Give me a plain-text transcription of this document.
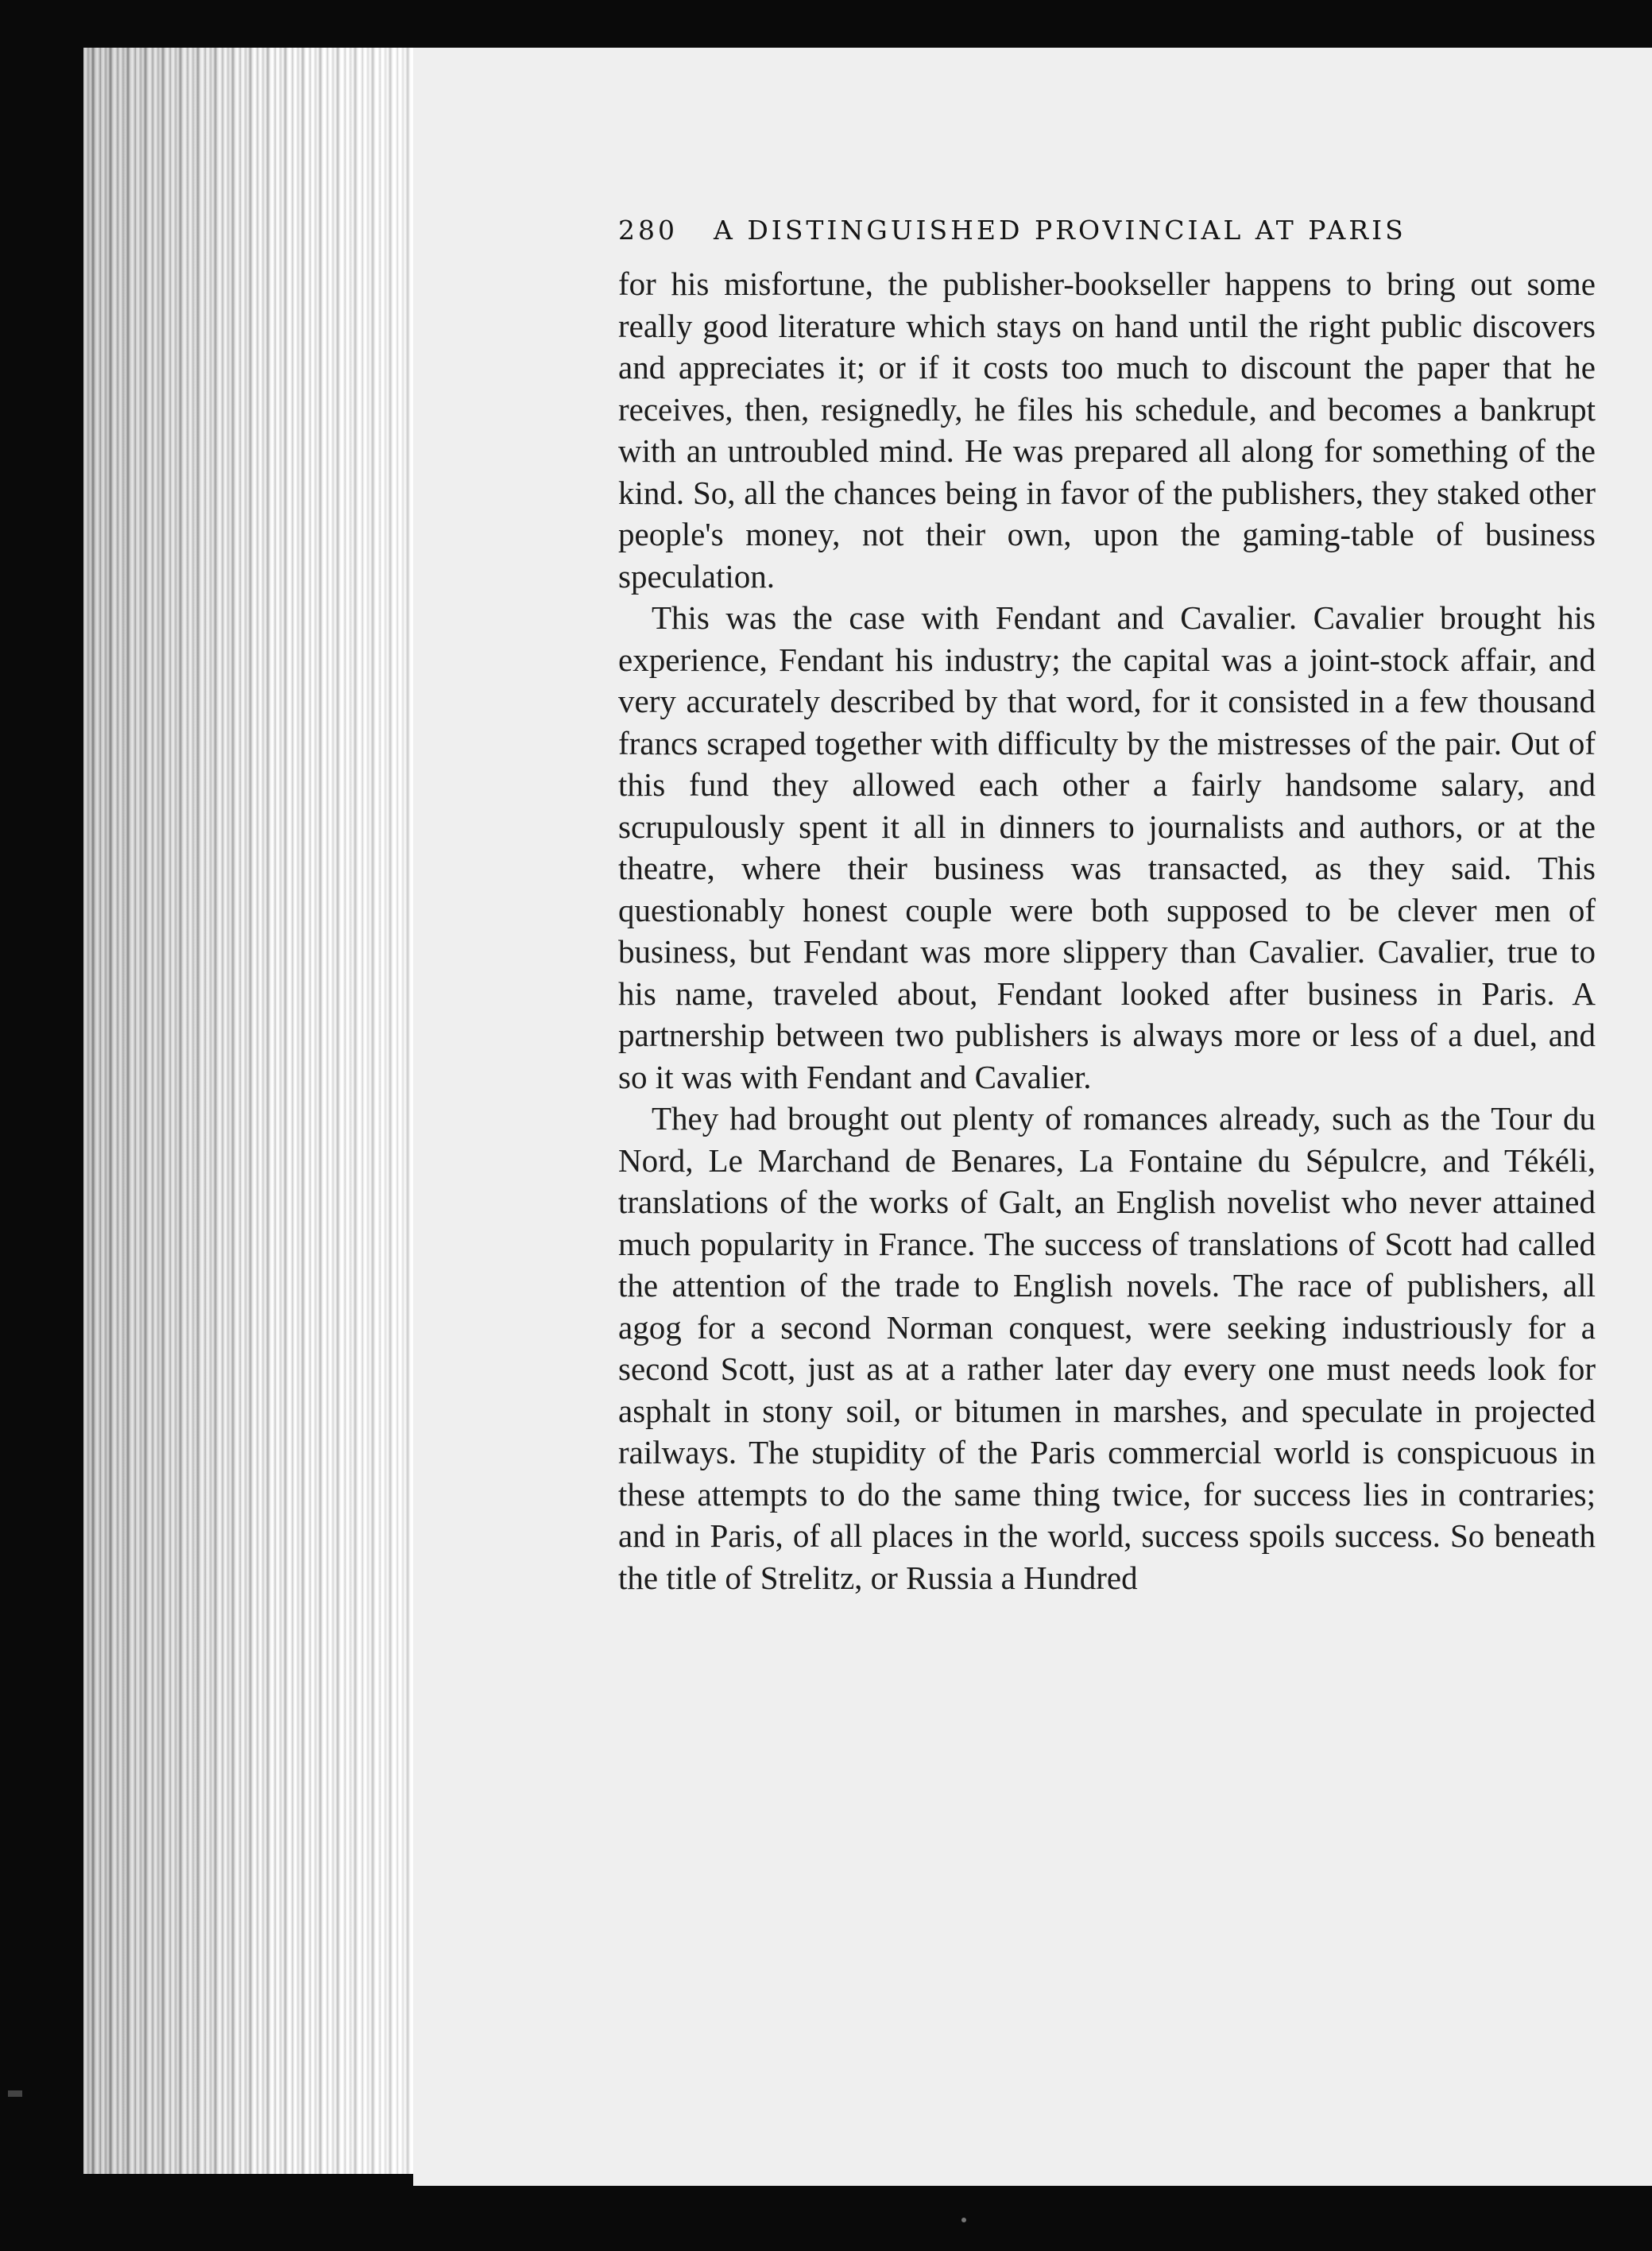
280	A DISTINGUISHED PROVINCIAL AT PARIS

for his misfortune, the publisher-bookseller happens to bring out some really good literature which stays on hand until the right public discovers and appreciates it; or if it costs too much to discount the paper that he receives, then, resignedly, he files his schedule, and becomes a bankrupt with an untroubled mind. He was prepared all along for something of the kind. So, all the chances being in favor of the publishers, they staked other people's money, not their own, upon the gaming-table of business speculation.

This was the case with Fendant and Cavalier. Cavalier brought his experience, Fendant his industry; the capital was a joint-stock affair, and very accurately described by that word, for it consisted in a few thousand francs scraped together with difficulty by the mistresses of the pair. Out of this fund they allowed each other a fairly handsome salary, and scrupulously spent it all in dinners to journalists and authors, or at the theatre, where their business was transacted, as they said. This questionably honest couple were both supposed to be clever men of business, but Fendant was more slippery than Cavalier. Cavalier, true to his name, traveled about, Fendant looked after business in Paris. A partnership between two publishers is always more or less of a duel, and so it was with Fendant and Cavalier.

They had brought out plenty of romances already, such as the Tour du Nord, Le Marchand de Benares, La Fontaine du Sépulcre, and Tékéli, translations of the works of Galt, an English novelist who never attained much popularity in France. The success of translations of Scott had called the attention of the trade to English novels. The race of publishers, all agog for a second Norman conquest, were seeking industriously for a second Scott, just as at a rather later day every one must needs look for asphalt in stony soil, or bitumen in marshes, and speculate in projected railways. The stupidity of the Paris commercial world is conspicuous in these attempts to do the same thing twice, for success lies in contraries; and in Paris, of all places in the world, success spoils success. So beneath the title of Strelitz, or Russia a Hundred
